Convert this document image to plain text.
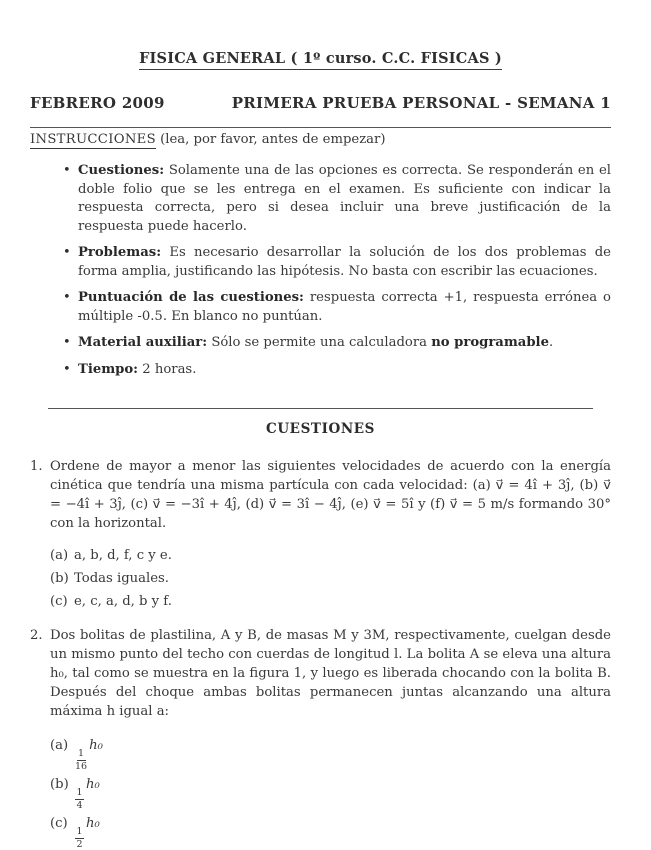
FISICA GENERAL ( 1º curso. C.C. FISICAS )
FEBRERO 2009	PRIMERA PRUEBA PERSONAL - SEMANA 1
INSTRUCCIONES (lea, por favor, antes de empezar)
• Cuestiones: Solamente una de las opciones es correcta. Se responderán en el doble folio que se les entrega en el examen. Es suficiente con indicar la respuesta correcta, pero si desea incluir una breve justificación de la respuesta puede hacerlo.
• Problemas: Es necesario desarrollar la solución de los dos problemas de forma amplia, justificando las hipótesis. No basta con escribir las ecuaciones.
• Puntuación de las cuestiones: respuesta correcta +1, respuesta errónea o múltiple -0.5. En blanco no puntúan.
• Material auxiliar: Sólo se permite una calculadora no programable.
• Tiempo: 2 horas.
CUESTIONES
1. Ordene de mayor a menor las siguientes velocidades de acuerdo con la energía cinética que tendría una misma partícula con cada velocidad: (a) v⃗ = 4î + 3ĵ, (b) v⃗ = −4î + 3ĵ, (c) v⃗ = −3î + 4ĵ, (d) v⃗ = 3î − 4ĵ, (e) v⃗ = 5î y (f) v⃗ = 5 m/s formando 30° con la horizontal.
(a) a, b, d, f, c y e.
(b) Todas iguales.
(c) e, c, a, d, b y f.
2. Dos bolitas de plastilina, A y B, de masas M y 3M, respectivamente, cuelgan desde un mismo punto del techo con cuerdas de longitud l. La bolita A se eleva una altura h₀, tal como se muestra en la figura 1, y luego es liberada chocando con la bolita B. Después del choque ambas bolitas permanecen juntas alcanzando una altura máxima h igual a:
(a)
$\frac{1}{16}$
h₀
(b)
$\frac{1}{4}$
h₀
(c)
$\frac{1}{2}$
h₀
